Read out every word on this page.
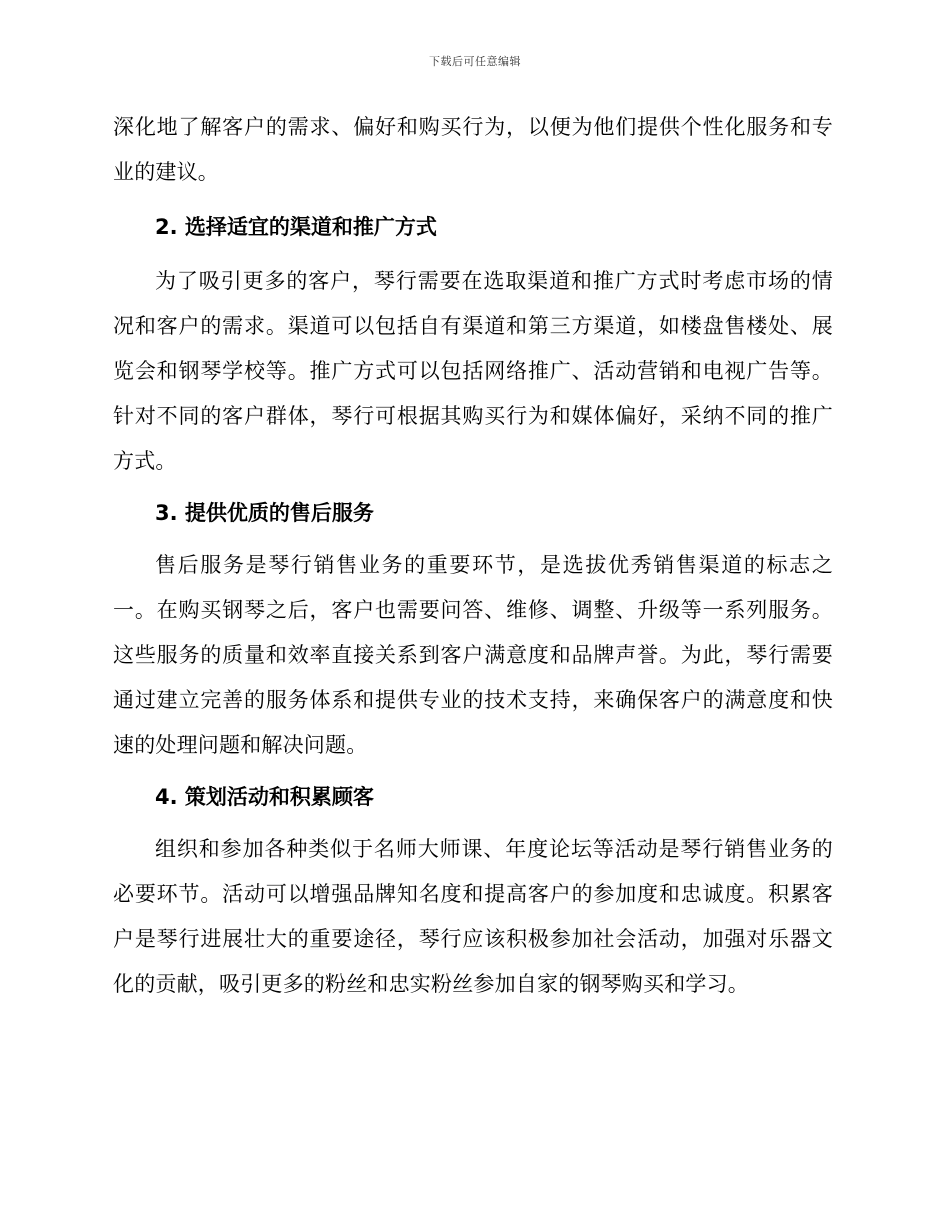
下载后可任意编辑

深化地了解客户的需求、偏好和购买行为，以便为他们提供个性化服务和专业的建议。

2. 选择适宜的渠道和推广方式

为了吸引更多的客户，琴行需要在选取渠道和推广方式时考虑市场的情况和客户的需求。渠道可以包括自有渠道和第三方渠道，如楼盘售楼处、展览会和钢琴学校等。推广方式可以包括网络推广、活动营销和电视广告等。针对不同的客户群体，琴行可根据其购买行为和媒体偏好，采纳不同的推广方式。

3. 提供优质的售后服务

售后服务是琴行销售业务的重要环节，是选拔优秀销售渠道的标志之一。在购买钢琴之后，客户也需要问答、维修、调整、升级等一系列服务。这些服务的质量和效率直接关系到客户满意度和品牌声誉。为此，琴行需要通过建立完善的服务体系和提供专业的技术支持，来确保客户的满意度和快速的处理问题和解决问题。

4. 策划活动和积累顾客

组织和参加各种类似于名师大师课、年度论坛等活动是琴行销售业务的必要环节。活动可以增强品牌知名度和提高客户的参加度和忠诚度。积累客户是琴行进展壮大的重要途径，琴行应该积极参加社会活动，加强对乐器文化的贡献，吸引更多的粉丝和忠实粉丝参加自家的钢琴购买和学习。
